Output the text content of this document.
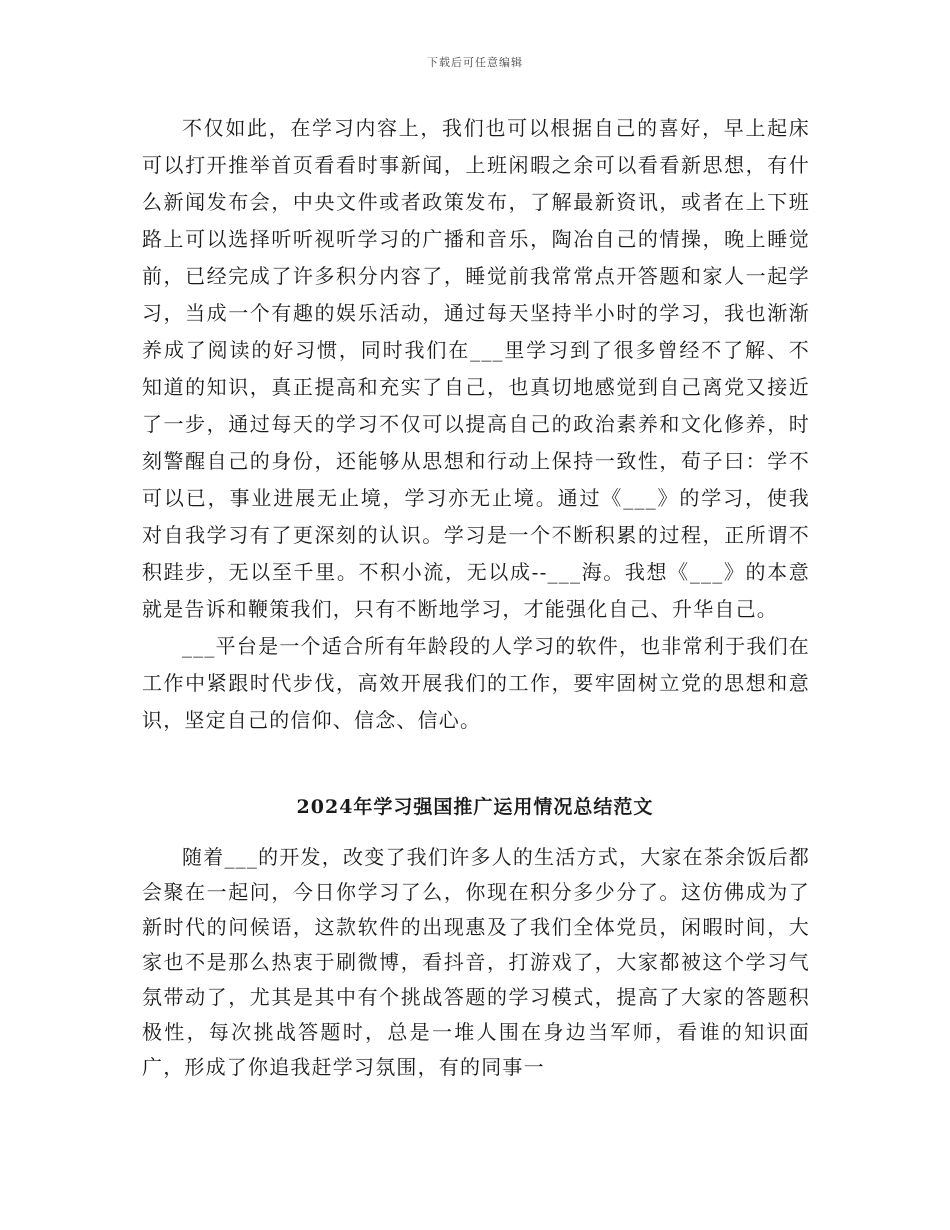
下载后可任意编辑

不仅如此，在学习内容上，我们也可以根据自己的喜好，早上起床可以打开推举首页看看时事新闻，上班闲暇之余可以看看新思想，有什么新闻发布会，中央文件或者政策发布，了解最新资讯，或者在上下班路上可以选择听听视听学习的广播和音乐，陶冶自己的情操，晚上睡觉前，已经完成了许多积分内容了，睡觉前我常常点开答题和家人一起学习，当成一个有趣的娱乐活动，通过每天坚持半小时的学习，我也渐渐养成了阅读的好习惯，同时我们在___里学习到了很多曾经不了解、不知道的知识，真正提高和充实了自己，也真切地感觉到自己离党又接近了一步，通过每天的学习不仅可以提高自己的政治素养和文化修养，时刻警醒自己的身份，还能够从思想和行动上保持一致性，荀子曰：学不可以已，事业进展无止境，学习亦无止境。通过《___》的学习，使我对自我学习有了更深刻的认识。学习是一个不断积累的过程，正所谓不积跬步，无以至千里。不积小流，无以成--___海。我想《___》的本意就是告诉和鞭策我们，只有不断地学习，才能强化自己、升华自己。

___平台是一个适合所有年龄段的人学习的软件，也非常利于我们在工作中紧跟时代步伐，高效开展我们的工作，要牢固树立党的思想和意识，坚定自己的信仰、信念、信心。

2024年学习强国推广运用情况总结范文

随着___的开发，改变了我们许多人的生活方式，大家在茶余饭后都会聚在一起问，今日你学习了么，你现在积分多少分了。这仿佛成为了新时代的问候语，这款软件的出现惠及了我们全体党员，闲暇时间，大家也不是那么热衷于刷微博，看抖音，打游戏了，大家都被这个学习气氛带动了，尤其是其中有个挑战答题的学习模式，提高了大家的答题积极性，每次挑战答题时，总是一堆人围在身边当军师，看谁的知识面广，形成了你追我赶学习氛围，有的同事一
